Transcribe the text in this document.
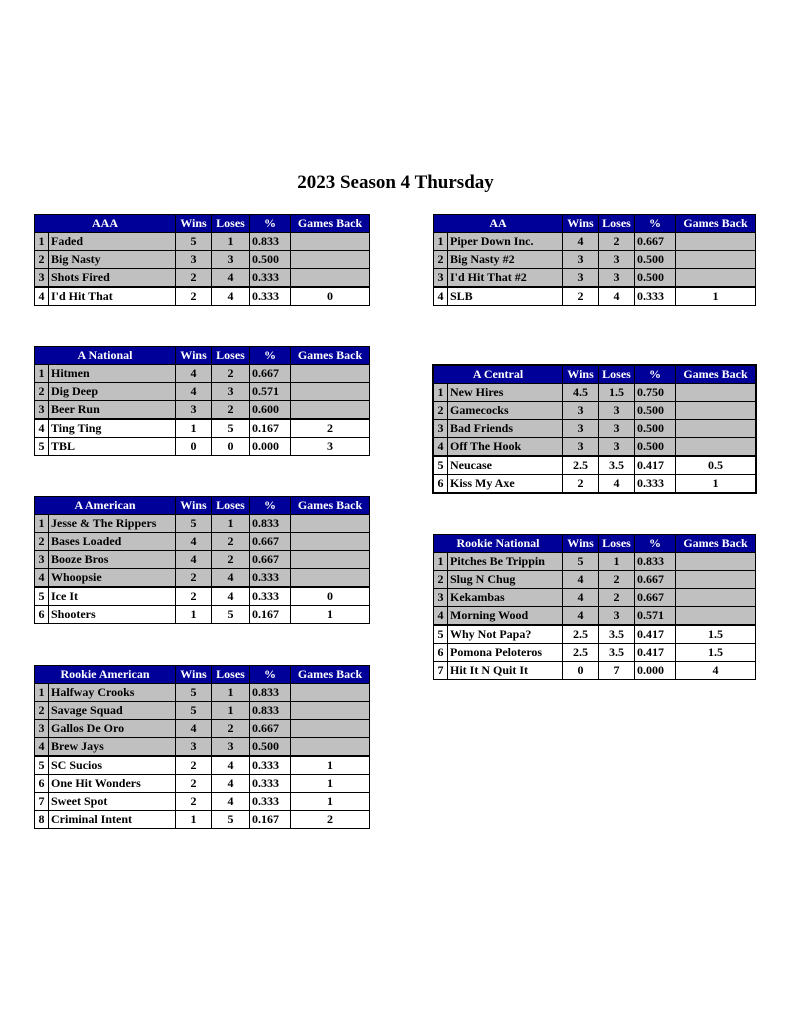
2023 Season 4 Thursday
AAA		Wins	Loses	%	Games Back
1	Faded	5	1	0.833	
2	Big Nasty	3	3	0.500	
3	Shots Fired	2	4	0.333	
4	I'd Hit That	2	4	0.333	0
AA		Wins	Loses	%	Games Back
1	Piper Down Inc.	4	2	0.667	
2	Big Nasty #2	3	3	0.500	
3	I'd Hit That #2	3	3	0.500	
4	SLB	2	4	0.333	1
A National		Wins	Loses	%	Games Back
1	Hitmen	4	2	0.667	
2	Dig Deep	4	3	0.571	
3	Beer Run	3	2	0.600	
4	Ting Ting	1	5	0.167	2
5	TBL	0	0	0.000	3
A Central		Wins	Loses	%	Games Back
1	New Hires	4.5	1.5	0.750	
2	Gamecocks	3	3	0.500	
3	Bad Friends	3	3	0.500	
4	Off The Hook	3	3	0.500	
5	Neucase	2.5	3.5	0.417	0.5
6	Kiss My Axe	2	4	0.333	1
A American		Wins	Loses	%	Games Back
1	Jesse & The Rippers	5	1	0.833	
2	Bases Loaded	4	2	0.667	
3	Booze Bros	4	2	0.667	
4	Whoopsie	2	4	0.333	
5	Ice It	2	4	0.333	0
6	Shooters	1	5	0.167	1
Rookie National		Wins	Loses	%	Games Back
1	Pitches Be Trippin	5	1	0.833	
2	Slug N Chug	4	2	0.667	
3	Kekambas	4	2	0.667	
4	Morning Wood	4	3	0.571	
5	Why Not Papa?	2.5	3.5	0.417	1.5
6	Pomona Peloteros	2.5	3.5	0.417	1.5
7	Hit It N Quit It	0	7	0.000	4
Rookie American		Wins	Loses	%	Games Back
1	Halfway Crooks	5	1	0.833	
2	Savage Squad	5	1	0.833	
3	Gallos De Oro	4	2	0.667	
4	Brew Jays	3	3	0.500	
5	SC Sucios	2	4	0.333	1
6	One Hit Wonders	2	4	0.333	1
7	Sweet Spot	2	4	0.333	1
8	Criminal Intent	1	5	0.167	2
